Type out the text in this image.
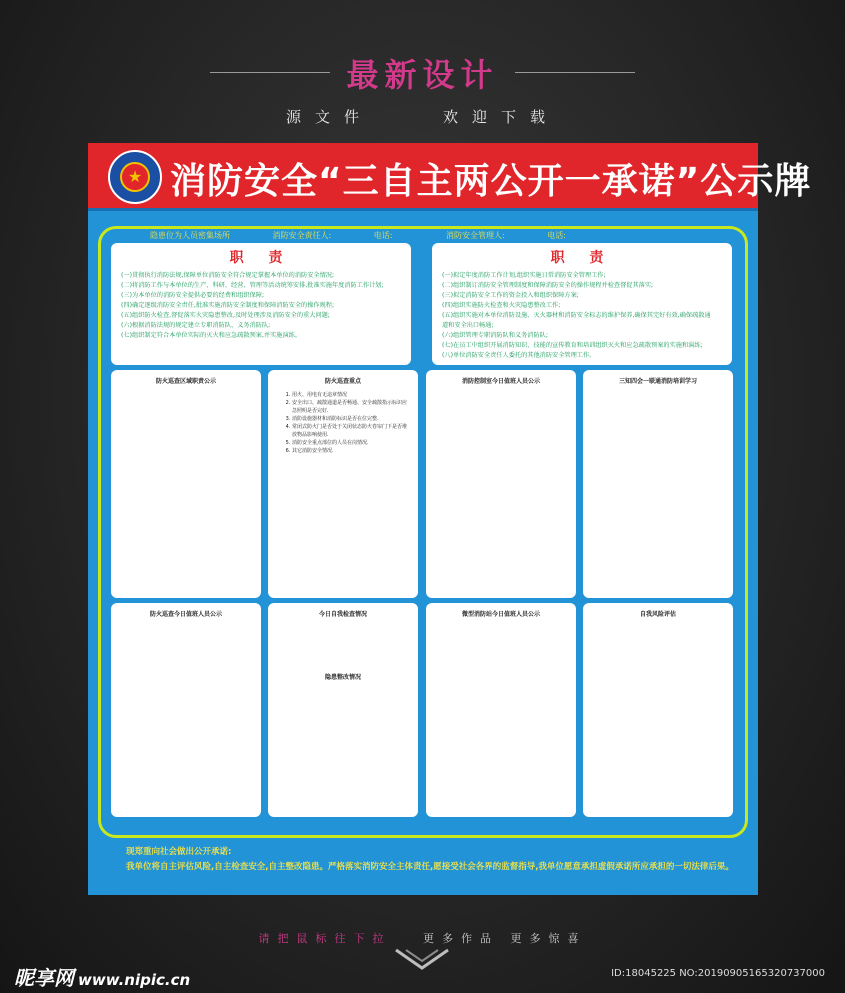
最新设计
源文件	欢迎下载
★ 消防安全“三自主两公开一承诺”公示牌
隐患位为人员密集场所	消防安全责任人:	电话:	消防安全管理人:	电话:
职 责
(一)贯彻执行消防法规,保障单位消防安全符合规定掌握本单位的消防安全情况;
(二)将消防工作与本单位的生产、科研、经营、管理等活动统筹安排,批准实施年度消防工作计划;
(三)为本单位的消防安全提供必要的经费和组织保障;
(四)确定逐级消防安全责任,批准实施消防安全制度和保障消防安全的操作规程;
(五)组织防火检查,督促落实火灾隐患整改,及时处理涉及消防安全的重大问题;
(六)根据消防法规的规定建立专职消防队、义务消防队;
(七)组织制定符合本单位实际的灭火和应急疏散预案,并实施演练。
职 责
(一)拟定年度消防工作计划,组织实施日常消防安全管理工作;
(二)组织制订消防安全管理制度和保障消防安全的操作规程并检查督促其落实;
(三)拟定消防安全工作的资金投入和组织保障方案;
(四)组织实施防火检查和火灾隐患整改工作;
(五)组织实施对本单位消防设施、灭火器材和消防安全标志的维护保养,确保其完好有效,确保疏散通
道和安全出口畅通;
(六)组织管理专职消防队和义务消防队;
(七)在员工中组织开展消防知识、技能的宣传教育和培训组织灭火和应急疏散预案的实施和演练;
(八)单位消防安全责任人委托的其他消防安全管理工作。
防火巡查区域职责公示	防火巡查重点
1. 用火、用电有无违章情况
2. 安全出口、疏散通道是否畅通、安全疏散指示标识应急照明是否完好.
3. 消防设施器材和消防标识是否在位完整.
4. 常闭式防火门是否处于关闭状态防火卷帘门下是否堆放物品影响使用.
5. 消防安全重点部位的人员在岗情况.
6. 其它消防安全情况.
消防控制室今日值班人员公示	三知四会一联通消防培训学习
防火巡查今日值班人员公示	今日自我检查情况
隐患整改情况
微型消防站今日值班人员公示	自我风险评估
现郑重向社会做出公开承诺:
我单位将自主评估风险,自主检查安全,自主整改隐患。严格落实消防安全主体责任,愿接受社会各界的监督指导,我单位愿意承担虚假承诺所应承担的一切法律后果。
请把鼠标往下拉	更多作品 更多惊喜
昵享网 www.nipic.cn	ID:18045225 NO:20190905165320737000
